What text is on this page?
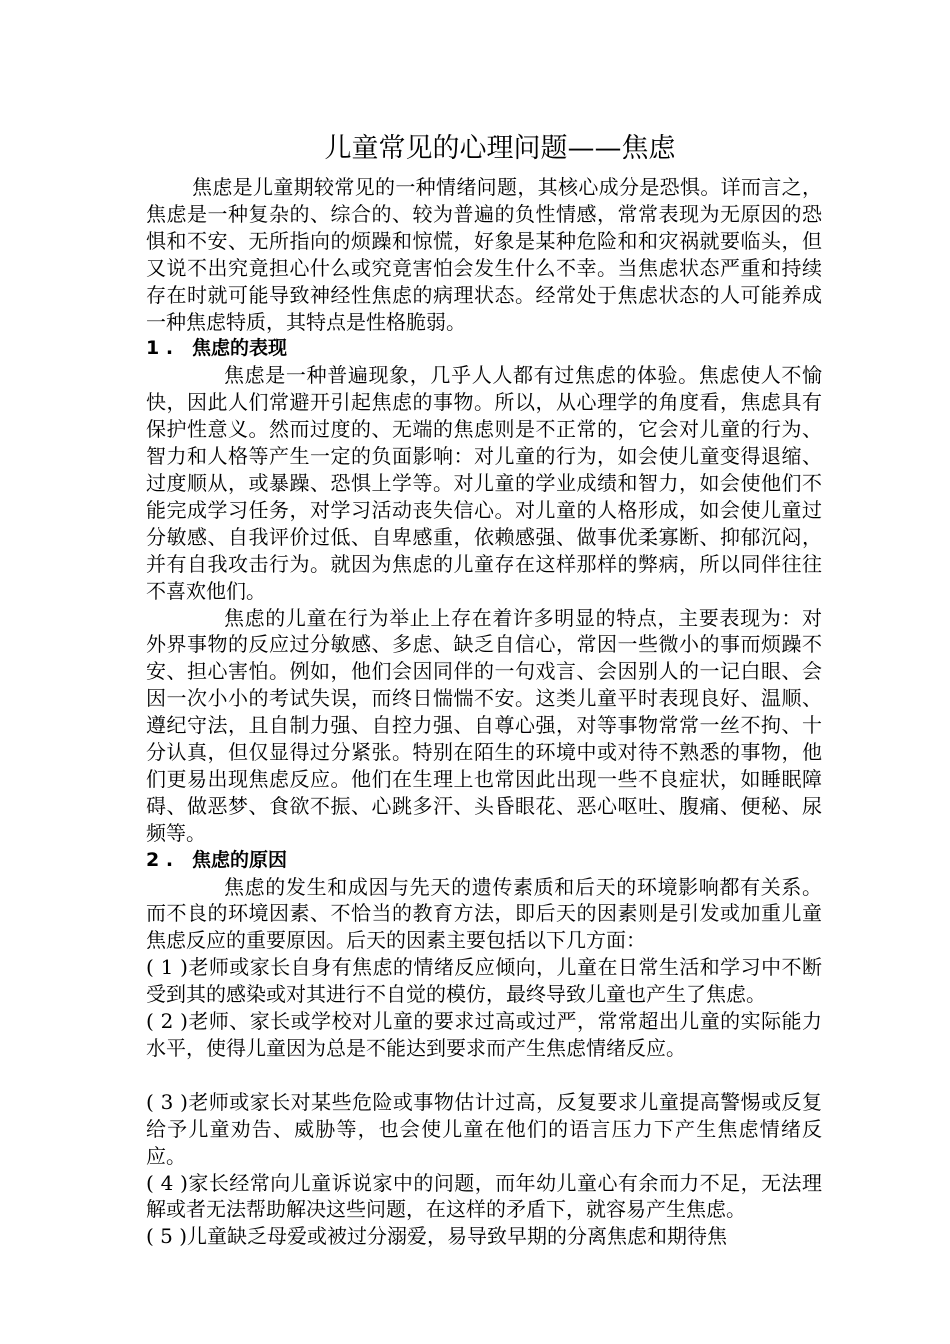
儿童常见的心理问题——焦虑

焦虑是儿童期较常见的一种情绪问题，其核心成分是恐惧。详而言之，焦虑是一种复杂的、综合的、较为普遍的负性情感，常常表现为无原因的恐惧和不安、无所指向的烦躁和惊慌，好象是某种危险和和灾祸就要临头，但又说不出究竟担心什么或究竟害怕会发生什么不幸。当焦虑状态严重和持续存在时就可能导致神经性焦虑的病理状态。经常处于焦虑状态的人可能养成一种焦虑特质，其特点是性格脆弱。

1 . 焦虑的表现

焦虑是一种普遍现象，几乎人人都有过焦虑的体验。焦虑使人不愉快，因此人们常避开引起焦虑的事物。所以，从心理学的角度看，焦虑具有保护性意义。然而过度的、无端的焦虑则是不正常的，它会对儿童的行为、智力和人格等产生一定的负面影响：对儿童的行为，如会使儿童变得退缩、过度顺从，或暴躁、恐惧上学等。对儿童的学业成绩和智力，如会使他们不能完成学习任务，对学习活动丧失信心。对儿童的人格形成，如会使儿童过分敏感、自我评价过低、自卑感重，依赖感强、做事优柔寡断、抑郁沉闷，并有自我攻击行为。就因为焦虑的儿童存在这样那样的弊病，所以同伴往往不喜欢他们。

焦虑的儿童在行为举止上存在着许多明显的特点，主要表现为：对外界事物的反应过分敏感、多虑、缺乏自信心，常因一些微小的事而烦躁不安、担心害怕。例如，他们会因同伴的一句戏言、会因别人的一记白眼、会因一次小小的考试失误，而终日惴惴不安。这类儿童平时表现良好、温顺、遵纪守法，且自制力强、自控力强、自尊心强，对等事物常常一丝不拘、十分认真，但仅显得过分紧张。特别在陌生的环境中或对待不熟悉的事物，他们更易出现焦虑反应。他们在生理上也常因此出现一些不良症状，如睡眠障碍、做恶梦、食欲不振、心跳多汗、头昏眼花、恶心呕吐、腹痛、便秘、尿频等。

2 . 焦虑的原因

焦虑的发生和成因与先天的遗传素质和后天的环境影响都有关系。而不良的环境因素、不恰当的教育方法，即后天的因素则是引发或加重儿童焦虑反应的重要原因。后天的因素主要包括以下几方面：

( 1 )老师或家长自身有焦虑的情绪反应倾向，儿童在日常生活和学习中不断受到其的感染或对其进行不自觉的模仿，最终导致儿童也产生了焦虑。

( 2 )老师、家长或学校对儿童的要求过高或过严，常常超出儿童的实际能力水平，使得儿童因为总是不能达到要求而产生焦虑情绪反应。

( 3 )老师或家长对某些危险或事物估计过高，反复要求儿童提高警惕或反复给予儿童劝告、威胁等，也会使儿童在他们的语言压力下产生焦虑情绪反应。

( 4 )家长经常向儿童诉说家中的问题，而年幼儿童心有余而力不足，无法理解或者无法帮助解决这些问题，在这样的矛盾下，就容易产生焦虑。

( 5 )儿童缺乏母爱或被过分溺爱，易导致早期的分离焦虑和期待焦
